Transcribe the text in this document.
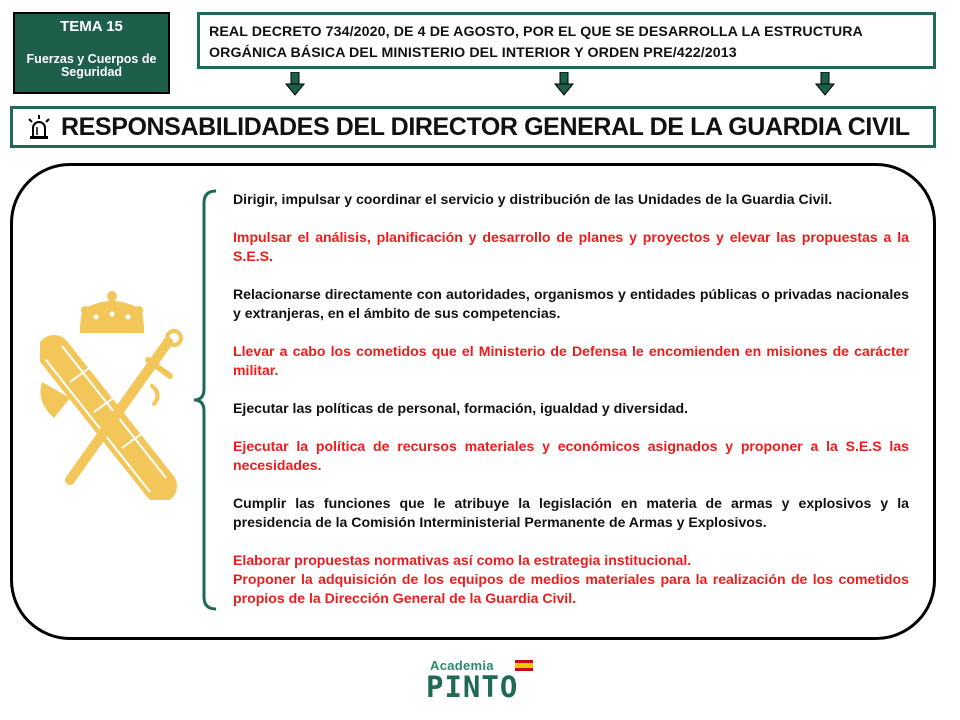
TEMA 15
Fuerzas y Cuerpos de Seguridad
REAL DECRETO 734/2020, DE 4 DE AGOSTO, POR EL QUE SE DESARROLLA LA ESTRUCTURA ORGÁNICA BÁSICA DEL MINISTERIO DEL INTERIOR Y ORDEN PRE/422/2013
RESPONSABILIDADES DEL DIRECTOR GENERAL DE LA GUARDIA CIVIL

Dirigir, impulsar y coordinar el servicio y distribución de las Unidades de la Guardia Civil.

Impulsar el análisis, planificación y desarrollo de planes y proyectos y elevar las propuestas a la S.E.S.

Relacionarse directamente con autoridades, organismos y entidades públicas o privadas nacionales y extranjeras, en el ámbito de sus competencias.

Llevar a cabo los cometidos que el Ministerio de Defensa le encomienden en misiones de carácter militar.

Ejecutar las políticas de personal, formación, igualdad y diversidad.

Ejecutar la política de recursos materiales y económicos asignados y proponer a la S.E.S las necesidades.

Cumplir las funciones que le atribuye la legislación en materia de armas y explosivos y la presidencia de la Comisión Interministerial Permanente de Armas y Explosivos.

Elaborar propuestas normativas así como la estrategia institucional.

Proponer la adquisición de los equipos de medios materiales para la realización de los cometidos propios de la Dirección General de la Guardia Civil.

Academia
PINTO
